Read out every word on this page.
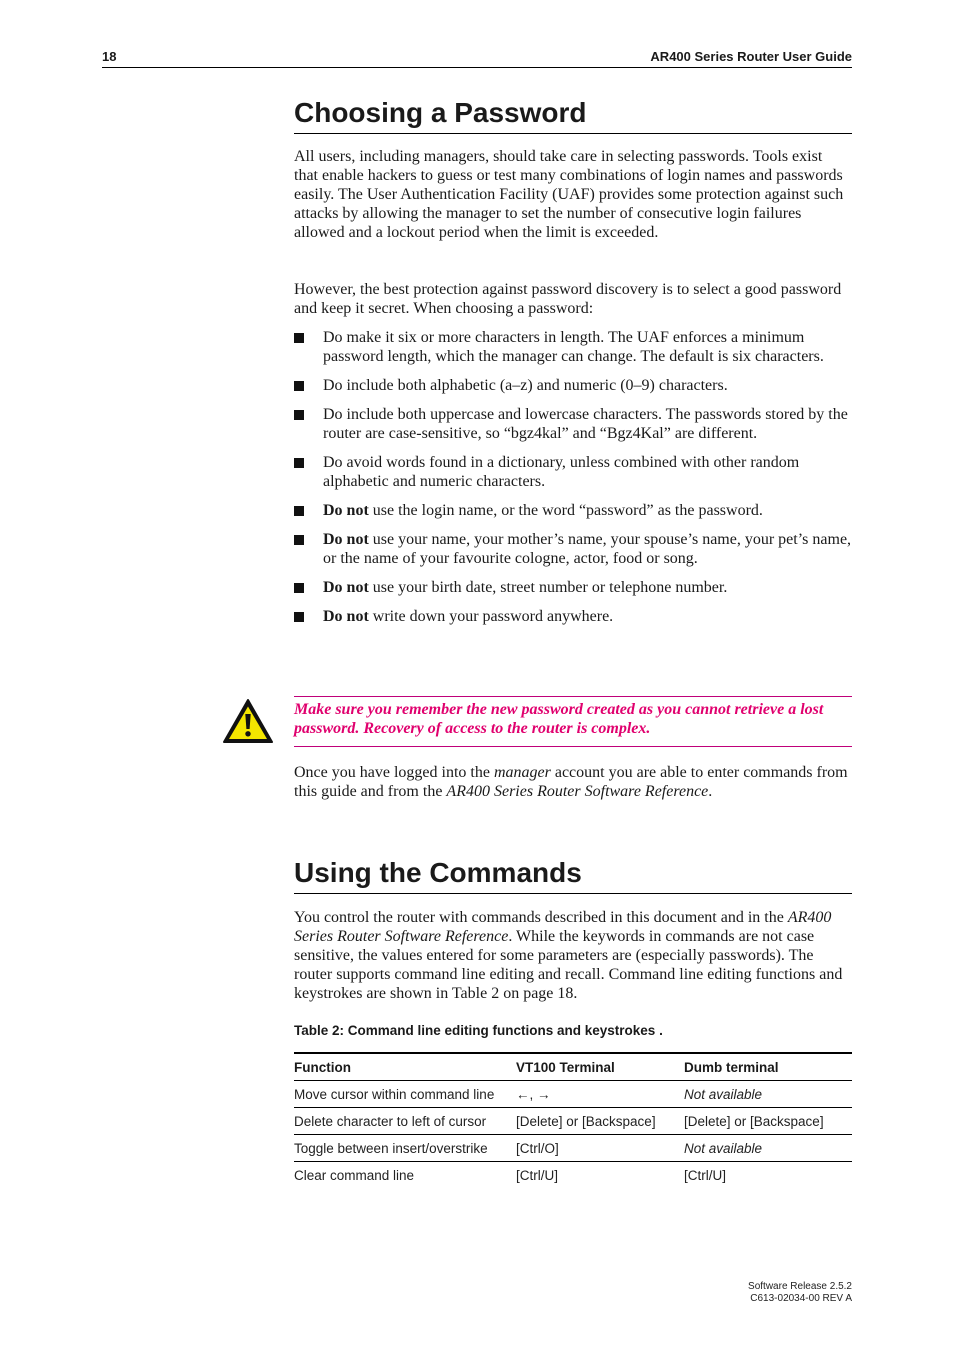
18	AR400 Series Router User Guide
Choosing a Password

All users, including managers, should take care in selecting passwords. Tools exist that enable hackers to guess or test many combinations of login names and passwords easily. The User Authentication Facility (UAF) provides some protection against such attacks by allowing the manager to set the number of consecutive login failures allowed and a lockout period when the limit is exceeded.

However, the best protection against password discovery is to select a good password and keep it secret. When choosing a password:

Do make it six or more characters in length. The UAF enforces a minimum password length, which the manager can change. The default is six characters.
Do include both alphabetic (a–z) and numeric (0–9) characters.
Do include both uppercase and lowercase characters. The passwords stored by the router are case-sensitive, so “bgz4kal” and “Bgz4Kal” are different.
Do avoid words found in a dictionary, unless combined with other random alphabetic and numeric characters.
Do not use the login name, or the word “password” as the password.
Do not use your name, your mother’s name, your spouse’s name, your pet’s name, or the name of your favourite cologne, actor, food or song.
Do not use your birth date, street number or telephone number.
Do not write down your password anywhere.
Make sure you remember the new password created as you cannot retrieve a lost password. Recovery of access to the router is complex.

Once you have logged into the manager account you are able to enter commands from this guide and from the AR400 Series Router Software Reference.

Using the Commands

You control the router with commands described in this document and in the AR400 Series Router Software Reference. While the keywords in commands are not case sensitive, the values entered for some parameters are (especially passwords). The router supports command line editing and recall. Command line editing functions and keystrokes are shown in Table 2 on page 18.

Table 2: Command line editing functions and keystrokes .
Function	VT100 Terminal	Dumb terminal
Move cursor within command line	←, →	Not available
Delete character to left of cursor	[Delete] or [Backspace]	[Delete] or [Backspace]
Toggle between insert/overstrike	[Ctrl/O]	Not available
Clear command line	[Ctrl/U]	[Ctrl/U]
Software Release 2.5.2
C613-02034-00 REV A
